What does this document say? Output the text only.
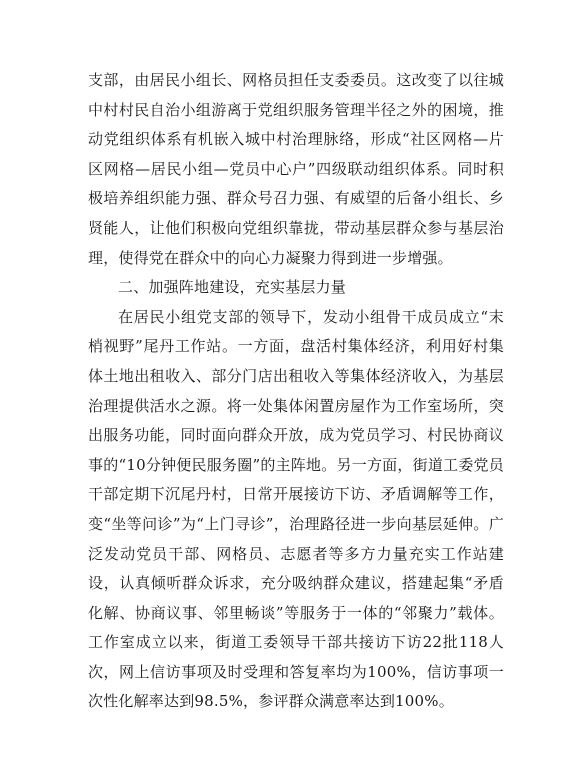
支部，由居民小组长、网格员担任支委委员。这改变了以往城中村村民自治小组游离于党组织服务管理半径之外的困境，推动党组织体系有机嵌入城中村治理脉络，形成“社区网格—片区网格—居民小组—党员中心户”四级联动组织体系。同时积极培养组织能力强、群众号召力强、有威望的后备小组长、乡贤能人，让他们积极向党组织靠拢，带动基层群众参与基层治理，使得党在群众中的向心力凝聚力得到进一步增强。

二、加强阵地建设，充实基层力量

在居民小组党支部的领导下，发动小组骨干成员成立“末梢视野”尾丹工作站。一方面，盘活村集体经济，利用好村集体土地出租收入、部分门店出租收入等集体经济收入，为基层治理提供活水之源。将一处集体闲置房屋作为工作室场所，突出服务功能，同时面向群众开放，成为党员学习、村民协商议事的“10分钟便民服务圈”的主阵地。另一方面，街道工委党员干部定期下沉尾丹村，日常开展接访下访、矛盾调解等工作，变“坐等问诊”为“上门寻诊”，治理路径进一步向基层延伸。广泛发动党员干部、网格员、志愿者等多方力量充实工作站建设，认真倾听群众诉求，充分吸纳群众建议，搭建起集“矛盾化解、协商议事、邻里畅谈”等服务于一体的“邻聚力”载体。工作室成立以来，街道工委领导干部共接访下访22批118人次，网上信访事项及时受理和答复率均为100%，信访事项一次性化解率达到98.5%，参评群众满意率达到100%。
